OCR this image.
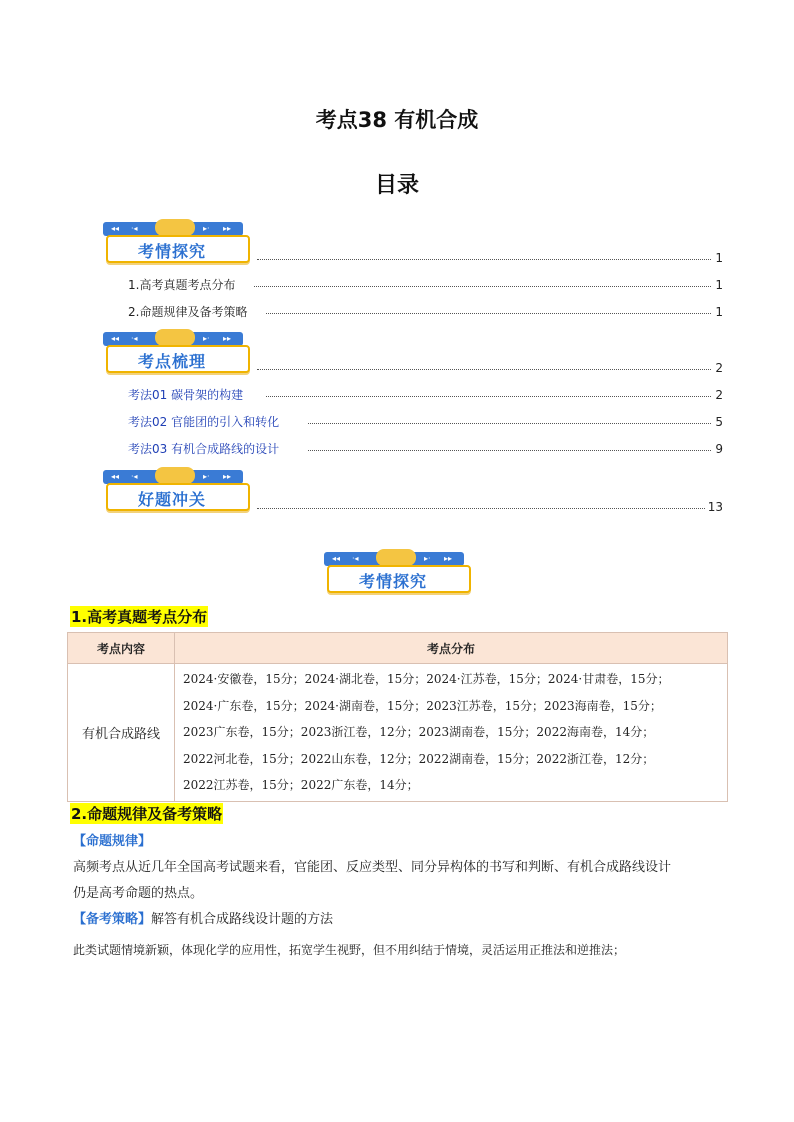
考点38 有机合成
目录
◂◂ ·◂	▸· ▸▸
考情探究	1
1.高考真题考点分布	1
2.命题规律及备考策略	1
◂◂ ·◂	▸· ▸▸
考点梳理	2
考法01 碳骨架的构建	2
考法02 官能团的引入和转化	5
考法03 有机合成路线的设计	9
◂◂ ·◂	▸· ▸▸
好题冲关	13
◂◂ ·◂	▸· ▸▸
考情探究
1.高考真题考点分布
考点内容	考点分布
有机合成路线	2024·安徽卷，15分；2024·湖北卷，15分；2024·江苏卷，15分；2024·甘肃卷，15分；
2024·广东卷，15分；2024·湖南卷，15分；2023江苏卷，15分；2023海南卷，15分；
2023广东卷，15分；2023浙江卷，12分；2023湖南卷，15分；2022海南卷，14分；
2022河北卷，15分；2022山东卷，12分；2022湖南卷，15分；2022浙江卷，12分；
2022江苏卷，15分；2022广东卷，14分；
2.命题规律及备考策略
【命题规律】
高频考点从近几年全国高考试题来看，官能团、反应类型、同分异构体的书写和判断、有机合成路线设计
仍是高考命题的热点。
【备考策略】解答有机合成路线设计题的方法
此类试题情境新颖，体现化学的应用性，拓宽学生视野，但不用纠结于情境，灵活运用正推法和逆推法；
